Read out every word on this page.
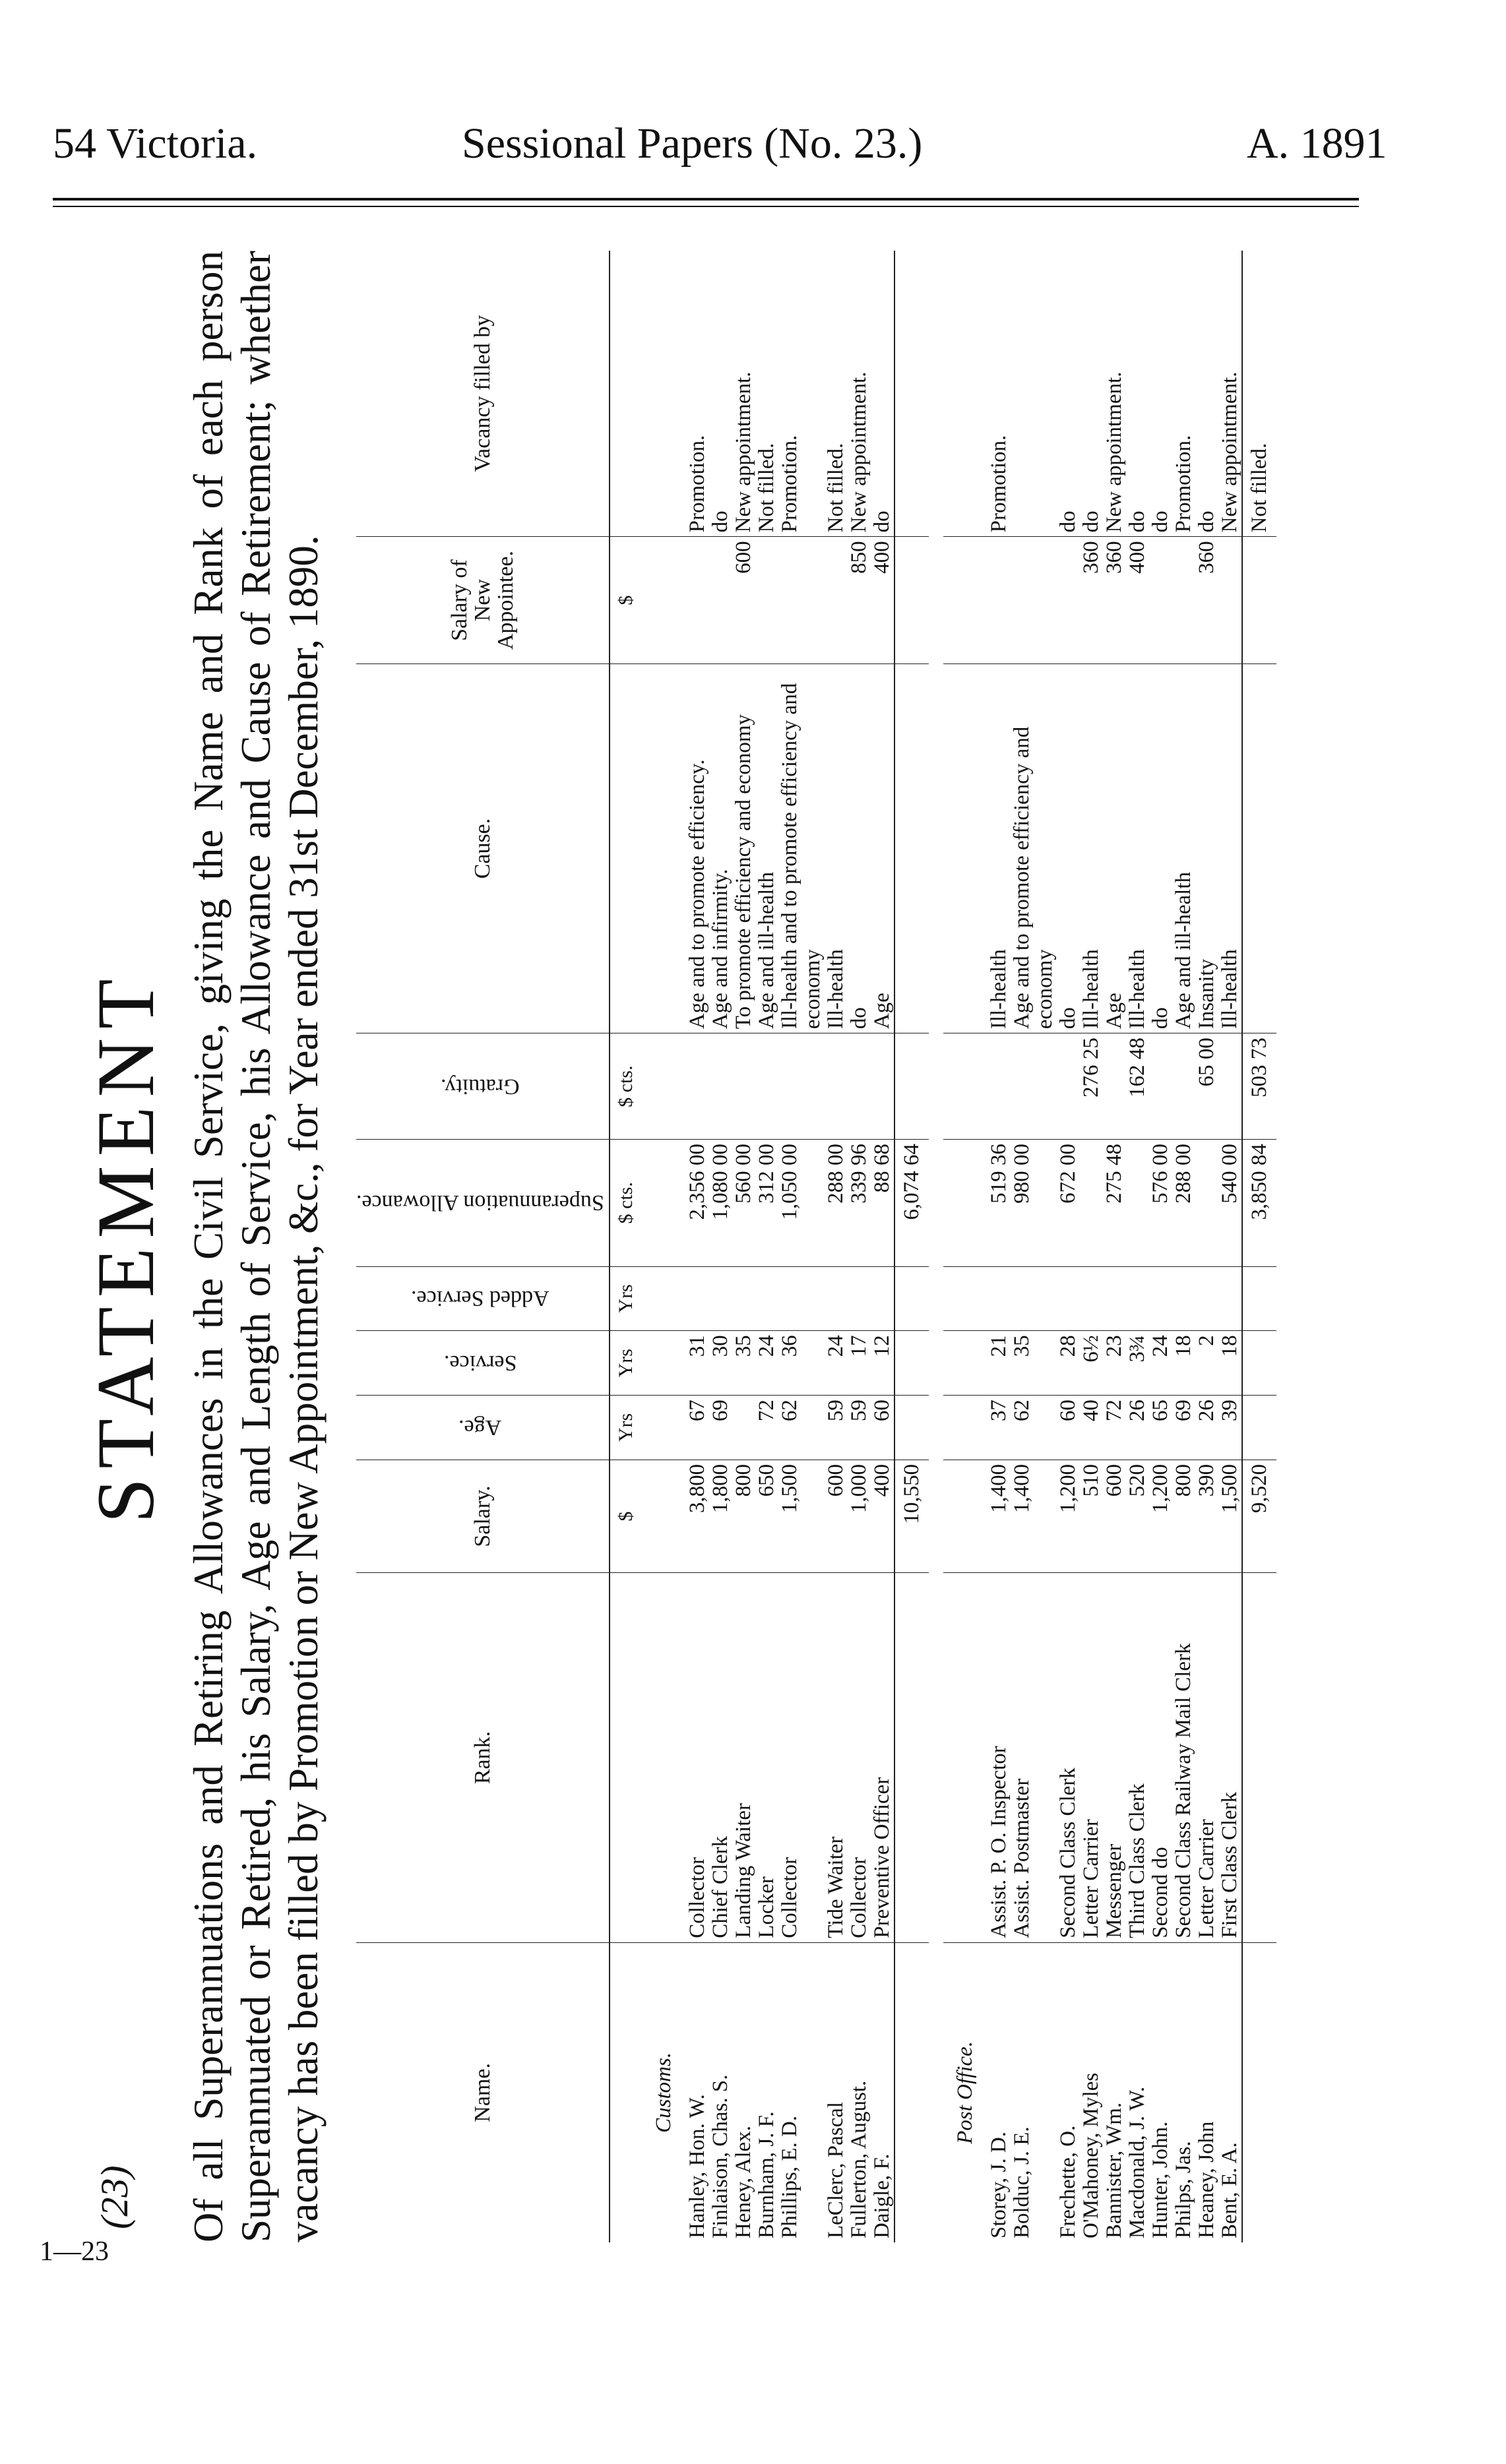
54 Victoria.	Sessional Papers (No. 23.)	A. 1891
(23)
STATEMENT Of all Superannuations and Retiring Allowances in the Civil Service, giving the Name and Rank of each person Superannuated or Retired, his Salary, Age and Length of Service, his Allowance and Cause of Retirement; whether vacancy has been filled by Promotion or New Appointment, &c., for Year ended 31st December, 1890.	Name.	Rank.	Salary.	Age.	Service.	Added Service.	Superannuation Allowance.	Gratuity.	Cause.	Salary of New Appointee.	Vacancy filled by
		$	Yrs	Yrs	Yrs	$ cts.	$ cts.		$	
Customs.										
Hanley, Hon. W.	Collector	3,800	67	31		2,356 00		Age and to promote efficiency.		Promotion.
Finlaison, Chas. S.	Chief Clerk	1,800	69	30		1,080 00		Age and infirmity.		do
Heney, Alex.	Landing Waiter	800		35		560 00		To promote efficiency and economy	600	New appointment.
Burnham, J. F.	Locker	650	72	24		312 00		Age and ill-health		Not filled.
Phillips, E. D.	Collector	1,500	62	36		1,050 00		Ill-health and to promote efficiency and economy		Promotion.
LeClerc, Pascal	Tide Waiter	600	59	24		288 00		Ill-health		Not filled.
Fullerton, August.	Collector	1,000	59	17		339 96		do	850	New appointment.
Daigle, F.	Preventive Officer	400	60	12		88 68		Age	400	do
		10,550				6,074 64				

Post Office.										
Storey, J. D.	Assist. P. O. Inspector	1,400	37	21		519 36		Ill-health		Promotion.
Bolduc, J. E.	Assist. Postmaster	1,400	62	35		980 00		Age and to promote efficiency and economy		
Frechette, O.	Second Class Clerk	1,200	60	28		672 00		do		do
O'Mahoney, Myles	Letter Carrier	510	40	6½			276 25	Ill-health	360	do
Bannister, Wm.	Messenger	600	72	23		275 48		Age	360	New appointment.
Macdonald, J. W.	Third Class Clerk	520	26	3¾			162 48	Ill-health	400	do
Hunter, John.	Second do	1,200	65	24		576 00		do		do
Philps, Jas.	Second Class Railway Mail Clerk	800	69	18		288 00		Age and ill-health		Promotion.
Heaney, John	Letter Carrier	390	26	2			65 00	Insanity	360	do
Bent, E. A.	First Class Clerk	1,500	39	18		540 00		Ill-health		New appointment.
		9,520				3,850 84	503 73			Not filled.

1—23
